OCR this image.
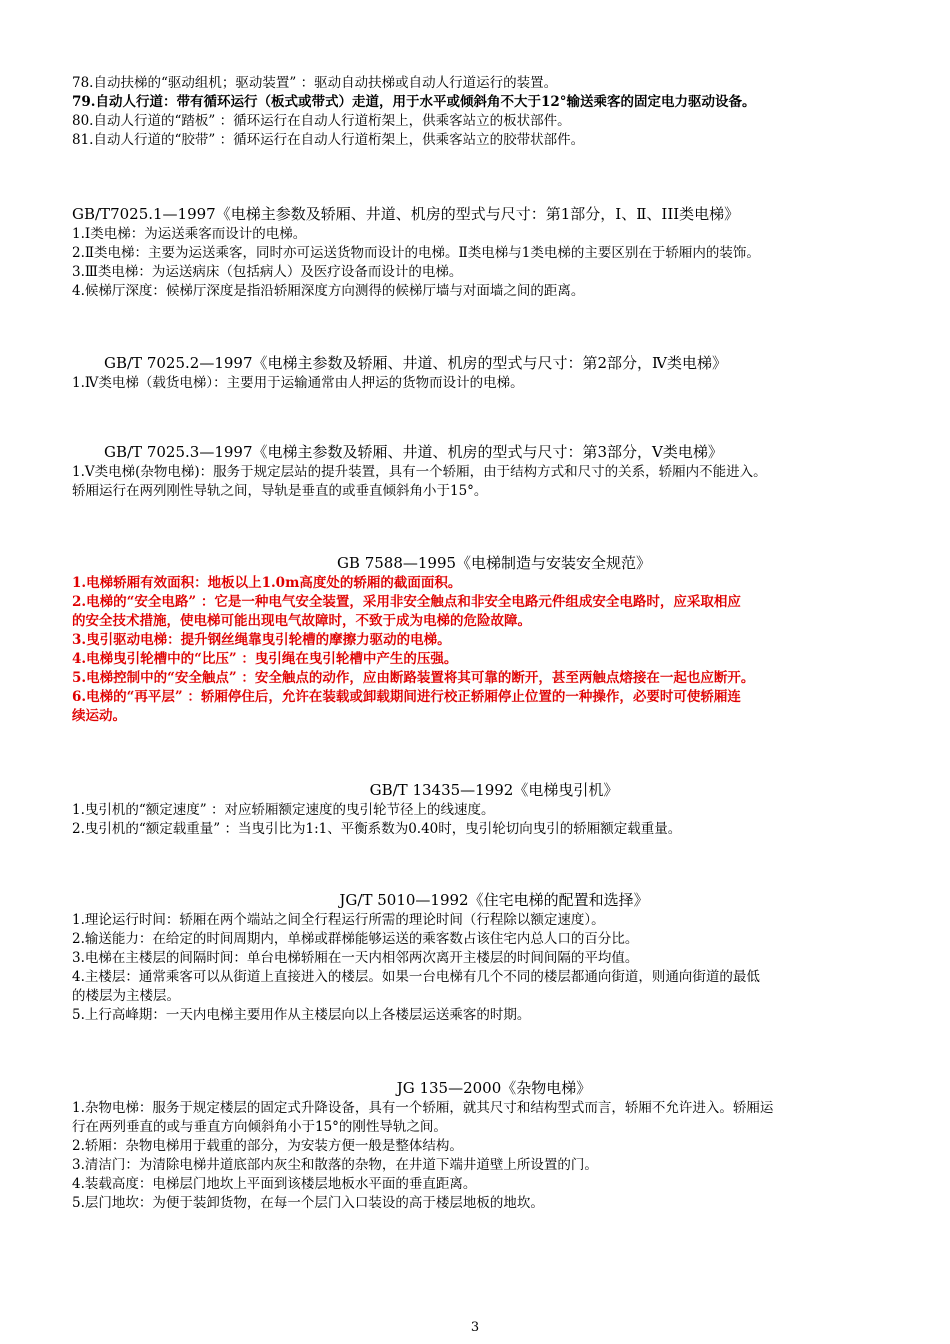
78.自动扶梯的“驱动组机；驱动装置” ：驱动自动扶梯或自动人行道运行的装置。
79.自动人行道：带有循环运行（板式或带式）走道，用于水平或倾斜角不大于12°输送乘客的固定电力驱动设备。
80.自动人行道的“踏板” ：循环运行在自动人行道桁架上，供乘客站立的板状部件。
81.自动人行道的“胶带” ：循环运行在自动人行道桁架上，供乘客站立的胶带状部件。
GB/T7025.1—1997《电梯主参数及轿厢、井道、机房的型式与尺寸：第1部分，Ⅰ、Ⅱ、III类电梯》
1.Ⅰ类电梯：为运送乘客而设计的电梯。
2.Ⅱ类电梯：主要为运送乘客，同时亦可运送货物而设计的电梯。Ⅱ类电梯与1类电梯的主要区别在于轿厢内的装饰。
3.Ⅲ类电梯：为运送病床（包括病人）及医疗设备而设计的电梯。
4.候梯厅深度：候梯厅深度是指沿轿厢深度方向测得的候梯厅墙与对面墙之间的距离。
GB/T 7025.2—1997《电梯主参数及轿厢、井道、机房的型式与尺寸：第2部分，Ⅳ类电梯》
1.Ⅳ类电梯（载货电梯）：主要用于运输通常由人押运的货物而设计的电梯。
GB/T 7025.3—1997《电梯主参数及轿厢、井道、机房的型式与尺寸：第3部分，Ⅴ类电梯》
1.Ⅴ类电梯(杂物电梯)：服务于规定层站的提升装置，具有一个轿厢，由于结构方式和尺寸的关系，轿厢内不能进入。
轿厢运行在两列刚性导轨之间，导轨是垂直的或垂直倾斜角小于15°。
GB 7588—1995《电梯制造与安装安全规范》
1.电梯轿厢有效面积：地板以上1.0m高度处的轿厢的截面面积。
2.电梯的“安全电路” ：它是一种电气安全装置，采用非安全触点和非安全电路元件组成安全电路时，应采取相应
的安全技术措施，使电梯可能出现电气故障时，不致于成为电梯的危险故障。
3.曳引驱动电梯：提升钢丝绳靠曳引轮槽的摩擦力驱动的电梯。
4.电梯曳引轮槽中的“比压” ：曳引绳在曳引轮槽中产生的压强。
5.电梯控制中的“安全触点” ：安全触点的动作，应由断路装置将其可靠的断开，甚至两触点熔接在一起也应断开。
6.电梯的“再平层” ：轿厢停住后，允许在装载或卸载期间进行校正轿厢停止位置的一种操作，必要时可使轿厢连
续运动。
GB/T 13435—1992《电梯曳引机》
1.曳引机的“额定速度” ：对应轿厢额定速度的曳引轮节径上的线速度。
2.曳引机的“额定载重量” ：当曳引比为1:1、平衡系数为0.40时，曳引轮切向曳引的轿厢额定载重量。
JG/T 5010—1992《住宅电梯的配置和选择》
1.理论运行时间：轿厢在两个端站之间全行程运行所需的理论时间（行程除以额定速度）。
2.输送能力：在给定的时间周期内，单梯或群梯能够运送的乘客数占该住宅内总人口的百分比。
3.电梯在主楼层的间隔时间：单台电梯轿厢在一天内相邻两次离开主楼层的时间间隔的平均值。
4.主楼层：通常乘客可以从街道上直接进入的楼层。如果一台电梯有几个不同的楼层都通向街道，则通向街道的最低
的楼层为主楼层。
5.上行高峰期：一天内电梯主要用作从主楼层向以上各楼层运送乘客的时期。
JG 135—2000《杂物电梯》
1.杂物电梯：服务于规定楼层的固定式升降设备，具有一个轿厢，就其尺寸和结构型式而言，轿厢不允许进入。轿厢运
行在两列垂直的或与垂直方向倾斜角小于15°的刚性导轨之间。
2.轿厢：杂物电梯用于载重的部分，为安装方便一般是整体结构。
3.清洁门：为清除电梯井道底部内灰尘和散落的杂物，在井道下端井道壁上所设置的门。
4.装载高度：电梯层门地坎上平面到该楼层地板水平面的垂直距离。
5.层门地坎：为便于装卸货物，在每一个层门入口装设的高于楼层地板的地坎。
3
